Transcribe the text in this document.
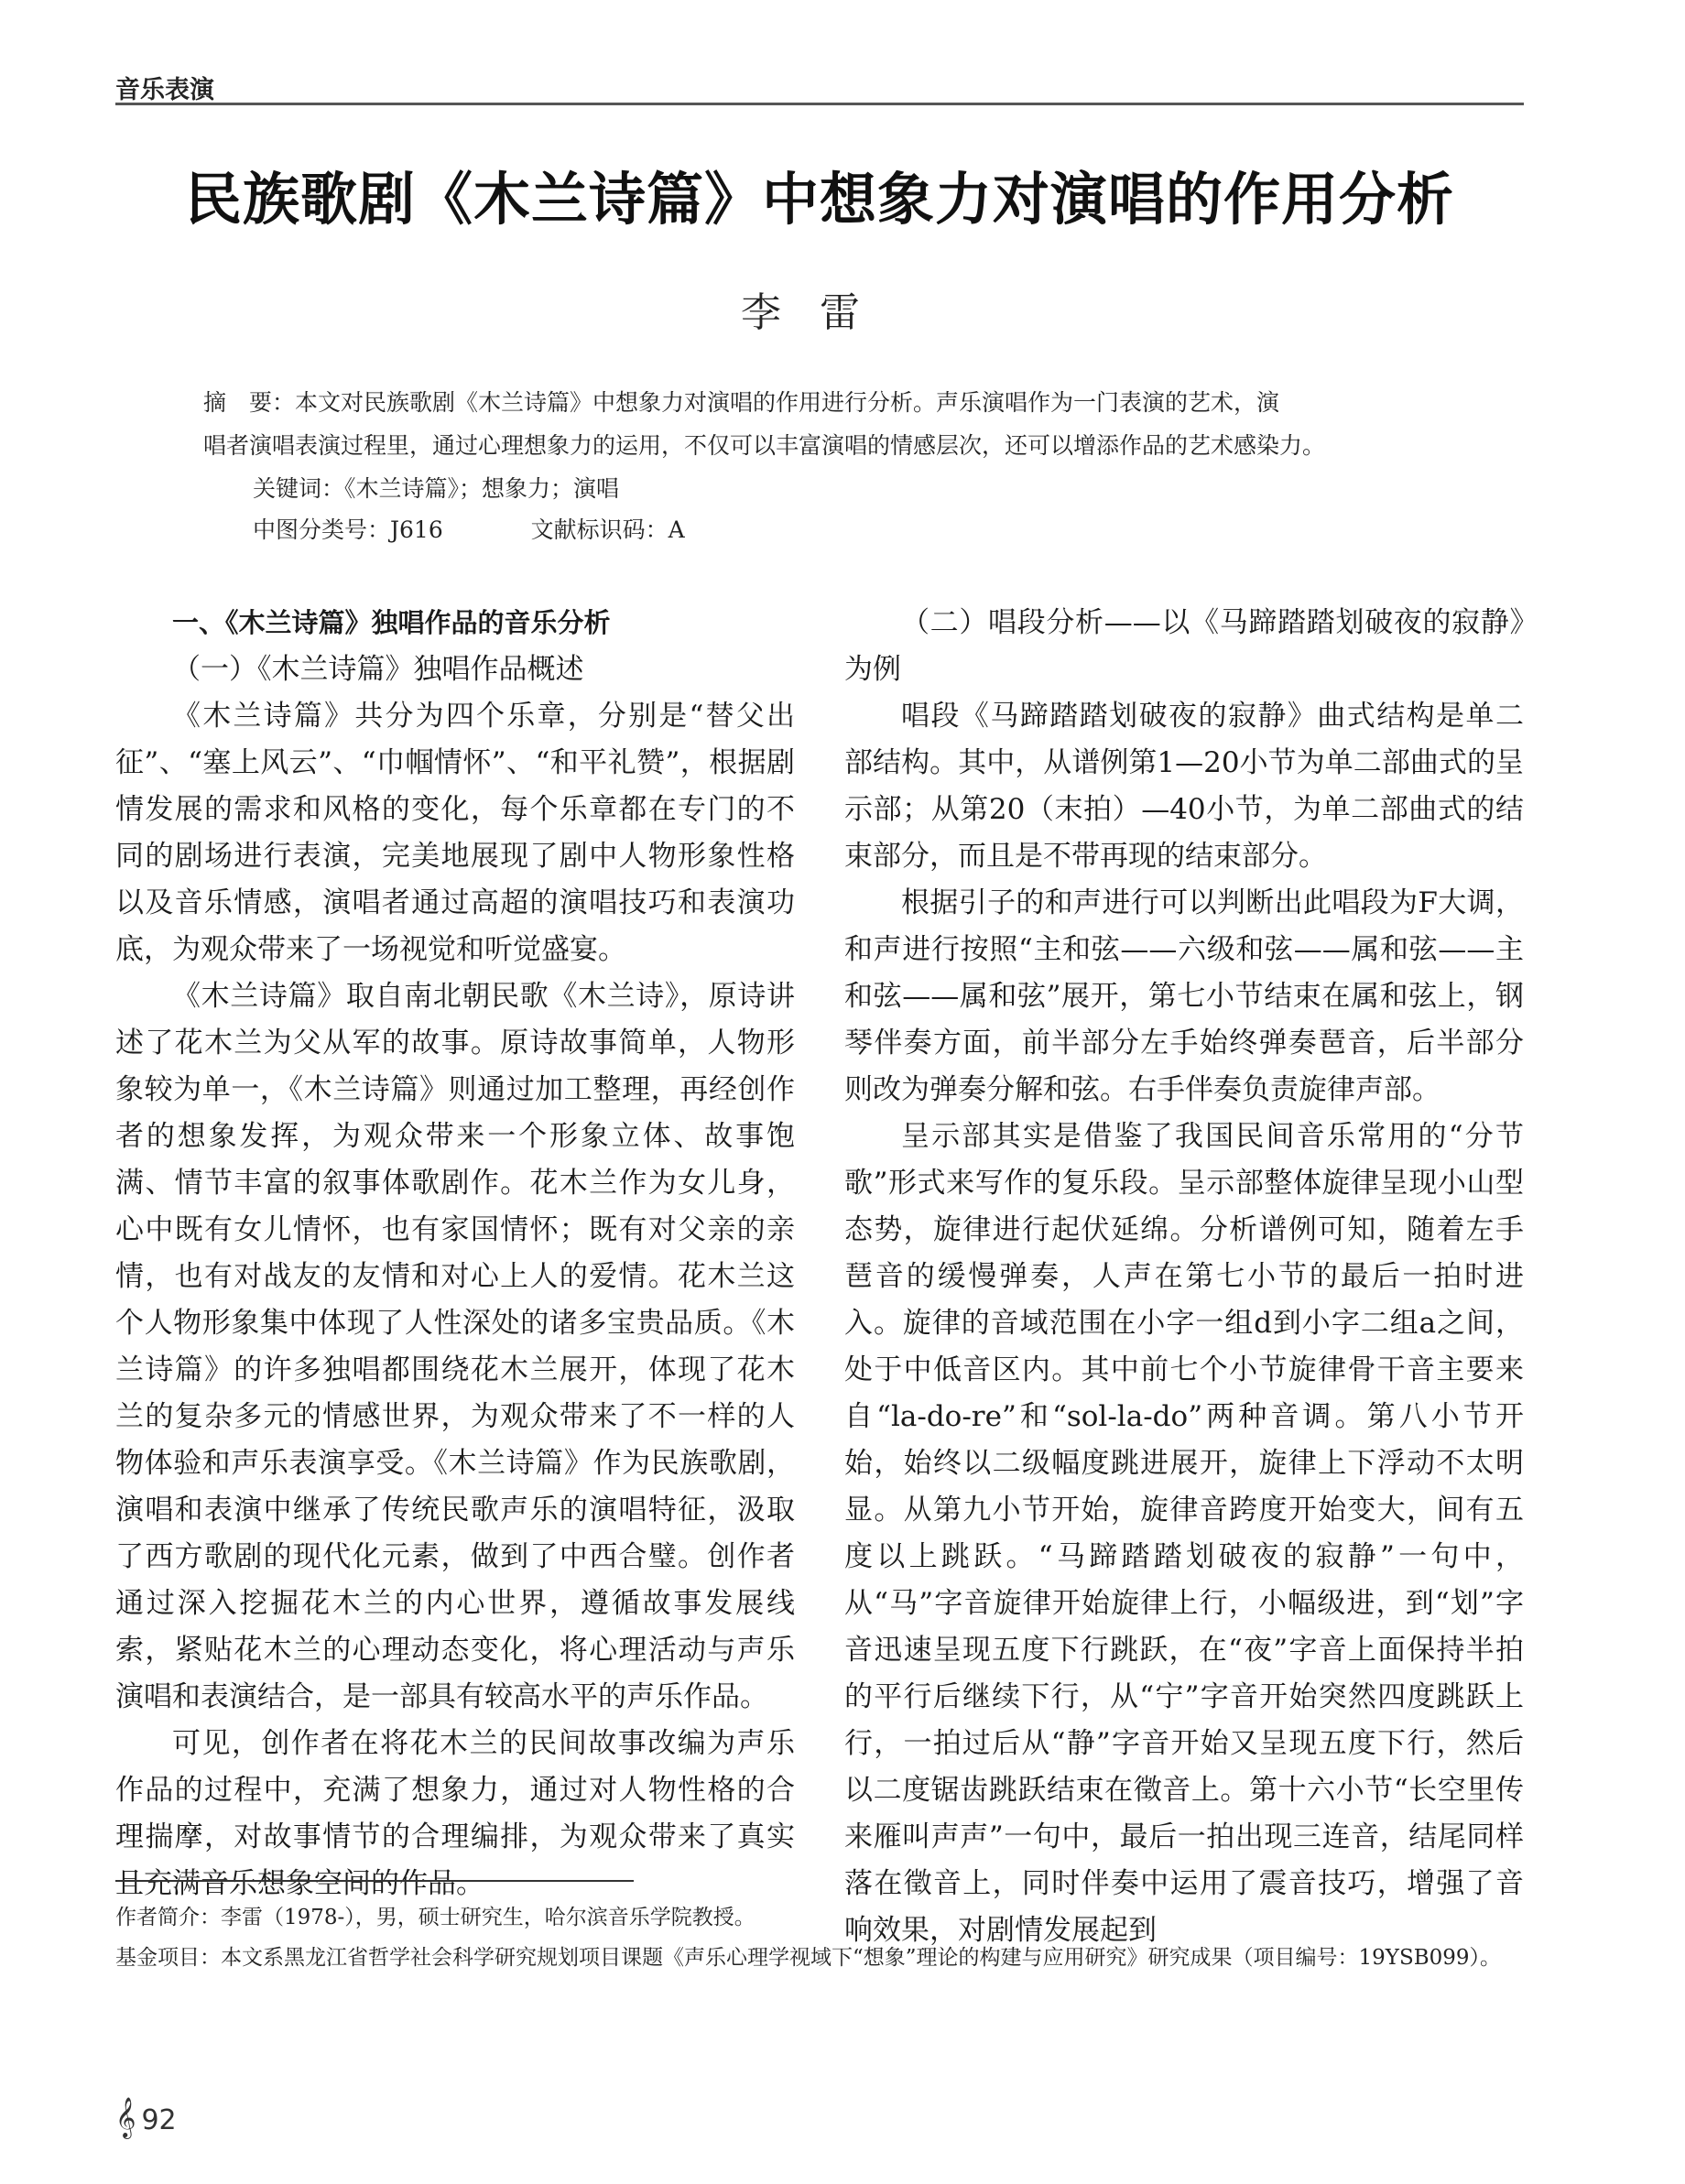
音乐表演
民族歌剧《木兰诗篇》中想象力对演唱的作用分析
李雷
摘　要：本文对民族歌剧《木兰诗篇》中想象力对演唱的作用进行分析。声乐演唱作为一门表演的艺术，演
唱者演唱表演过程里，通过心理想象力的运用，不仅可以丰富演唱的情感层次，还可以增添作品的艺术感染力。
关键词：《木兰诗篇》；想象力；演唱
中图分类号：J616	文献标识码：A

一、《木兰诗篇》独唱作品的音乐分析

（一）《木兰诗篇》独唱作品概述

《木兰诗篇》共分为四个乐章，分别是“替父出征”、“塞上风云”、“巾帼情怀”、“和平礼赞”，根据剧情发展的需求和风格的变化，每个乐章都在专门的不同的剧场进行表演，完美地展现了剧中人物形象性格以及音乐情感，演唱者通过高超的演唱技巧和表演功底，为观众带来了一场视觉和听觉盛宴。

《木兰诗篇》取自南北朝民歌《木兰诗》，原诗讲述了花木兰为父从军的故事。原诗故事简单，人物形象较为单一，《木兰诗篇》则通过加工整理，再经创作者的想象发挥，为观众带来一个形象立体、故事饱满、情节丰富的叙事体歌剧作。花木兰作为女儿身，心中既有女儿情怀，也有家国情怀；既有对父亲的亲情，也有对战友的友情和对心上人的爱情。花木兰这个人物形象集中体现了人性深处的诸多宝贵品质。《木兰诗篇》的许多独唱都围绕花木兰展开，体现了花木兰的复杂多元的情感世界，为观众带来了不一样的人物体验和声乐表演享受。《木兰诗篇》作为民族歌剧，演唱和表演中继承了传统民歌声乐的演唱特征，汲取了西方歌剧的现代化元素，做到了中西合璧。创作者通过深入挖掘花木兰的内心世界，遵循故事发展线索，紧贴花木兰的心理动态变化，将心理活动与声乐演唱和表演结合，是一部具有较高水平的声乐作品。

可见，创作者在将花木兰的民间故事改编为声乐作品的过程中，充满了想象力，通过对人物性格的合理揣摩，对故事情节的合理编排，为观众带来了真实且充满音乐想象空间的作品。

（二）唱段分析——以《马蹄踏踏划破夜的寂静》为例

唱段《马蹄踏踏划破夜的寂静》曲式结构是单二部结构。其中，从谱例第1—20小节为单二部曲式的呈示部；从第20（末拍）—40小节，为单二部曲式的结束部分，而且是不带再现的结束部分。

根据引子的和声进行可以判断出此唱段为F大调，和声进行按照“主和弦——六级和弦——属和弦——主和弦——属和弦”展开，第七小节结束在属和弦上，钢琴伴奏方面，前半部分左手始终弹奏琶音，后半部分则改为弹奏分解和弦。右手伴奏负责旋律声部。

呈示部其实是借鉴了我国民间音乐常用的“分节歌”形式来写作的复乐段。呈示部整体旋律呈现小山型态势，旋律进行起伏延绵。分析谱例可知，随着左手琶音的缓慢弹奏，人声在第七小节的最后一拍时进入。旋律的音域范围在小字一组d到小字二组a之间，处于中低音区内。其中前七个小节旋律骨干音主要来自“la-do-re”和“sol-la-do”两种音调。第八小节开始，始终以二级幅度跳进展开，旋律上下浮动不太明显。从第九小节开始，旋律音跨度开始变大，间有五度以上跳跃。“马蹄踏踏划破夜的寂静”一句中，从“马”字音旋律开始旋律上行，小幅级进，到“划”字音迅速呈现五度下行跳跃，在“夜”字音上面保持半拍的平行后继续下行，从“宁”字音开始突然四度跳跃上行，一拍过后从“静”字音开始又呈现五度下行，然后以二度锯齿跳跃结束在徵音上。第十六小节“长空里传来雁叫声声”一句中，最后一拍出现三连音，结尾同样落在徵音上，同时伴奏中运用了震音技巧，增强了音响效果，对剧情发展起到

作者简介：李雷（1978-），男，硕士研究生，哈尔滨音乐学院教授。
基金项目：本文系黑龙江省哲学社会科学研究规划项目课题《声乐心理学视域下“想象”理论的构建与应用研究》研究成果（项目编号：19YSB099）。
𝄞 92
